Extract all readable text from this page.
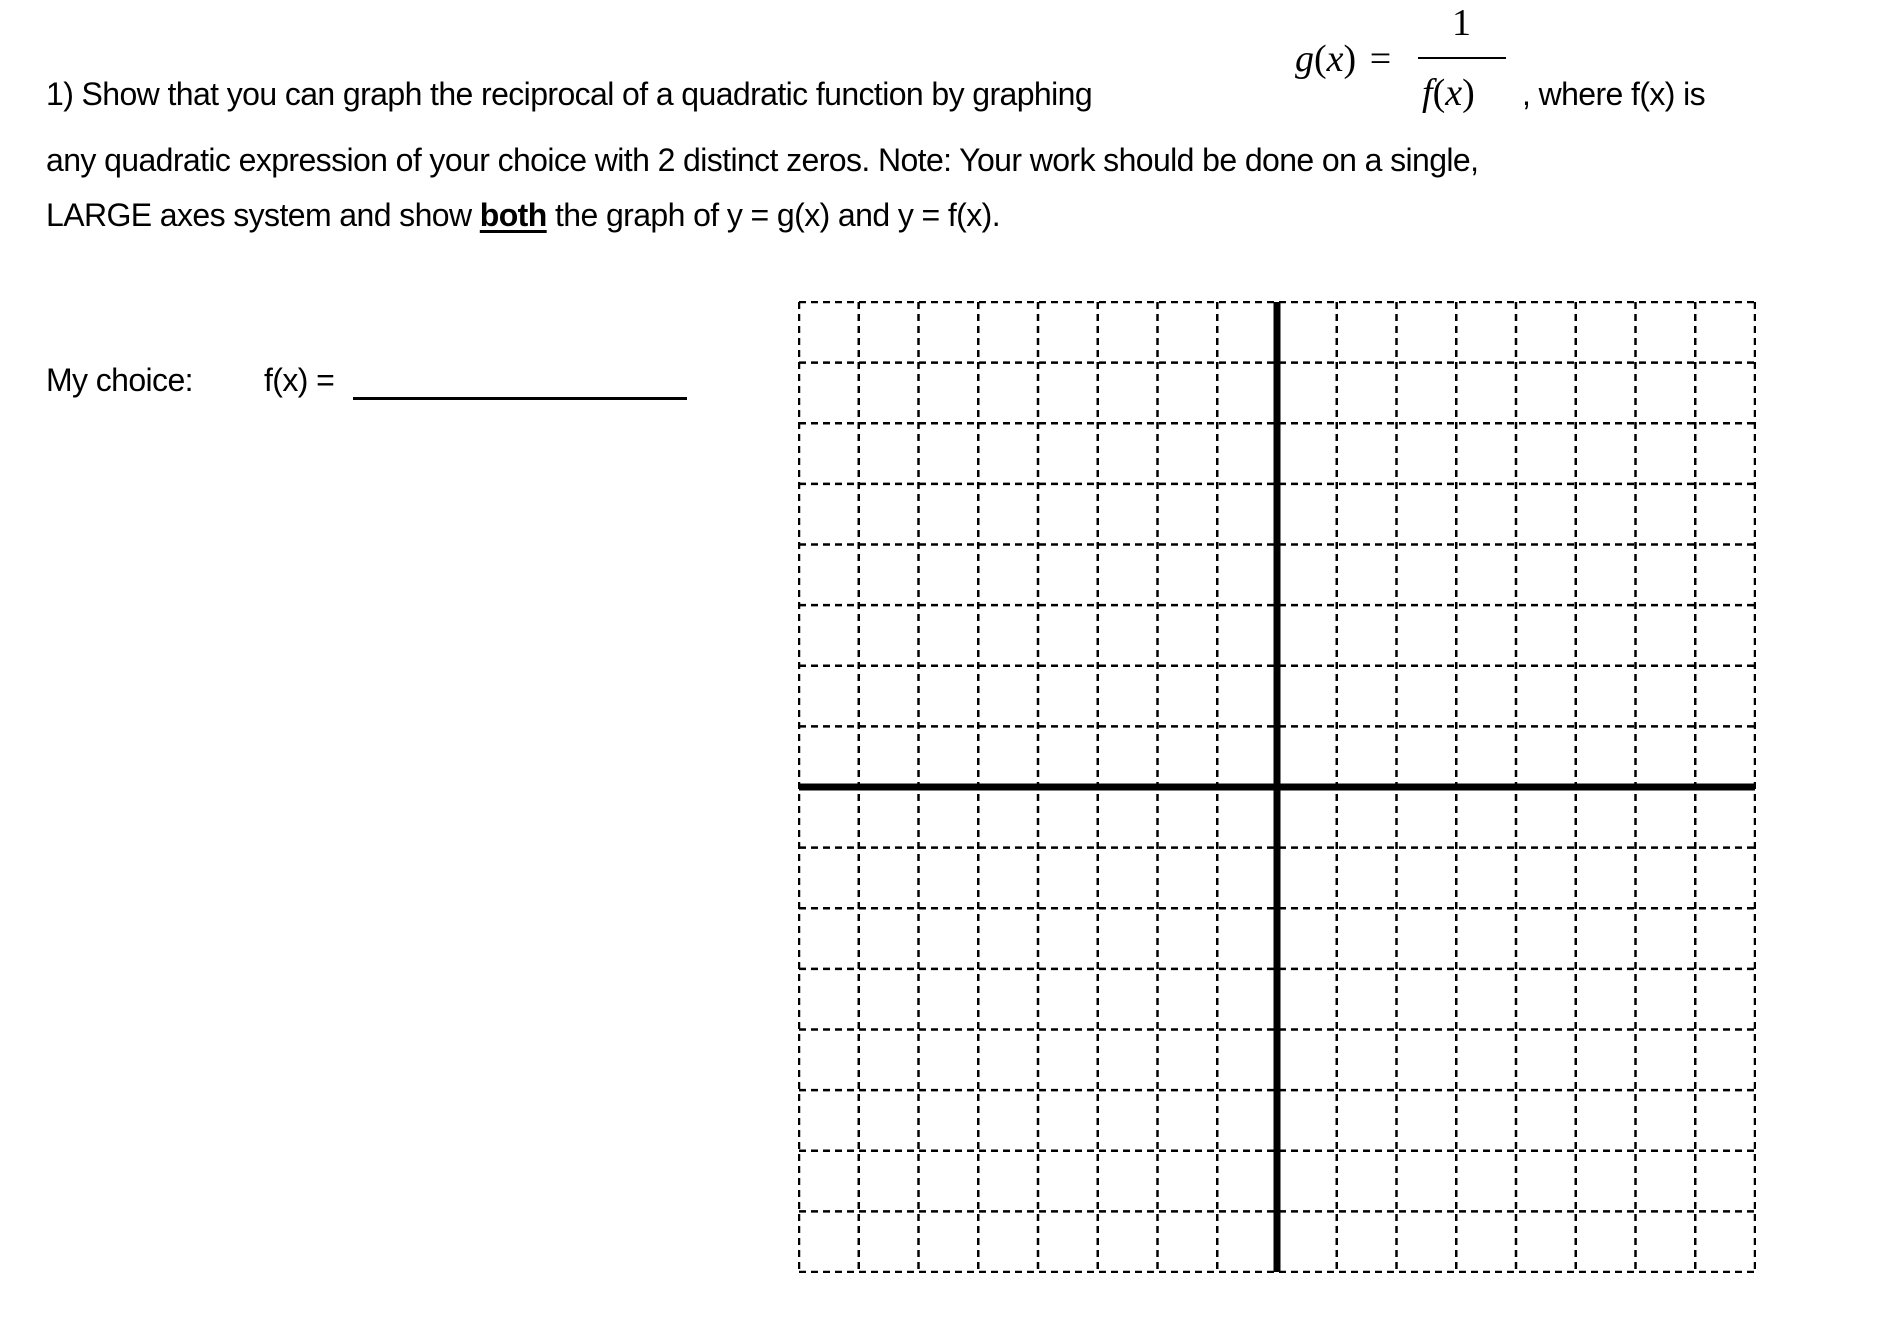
1) Show that you can graph the reciprocal of a quadratic function by graphing
g(x) =
1
f(x) , where f(x) is
any quadratic expression of your choice with 2 distinct zeros. Note: Your work should be done on a single,
LARGE axes system and show both the graph of y = g(x) and y = f(x).
My choice: f(x) =
